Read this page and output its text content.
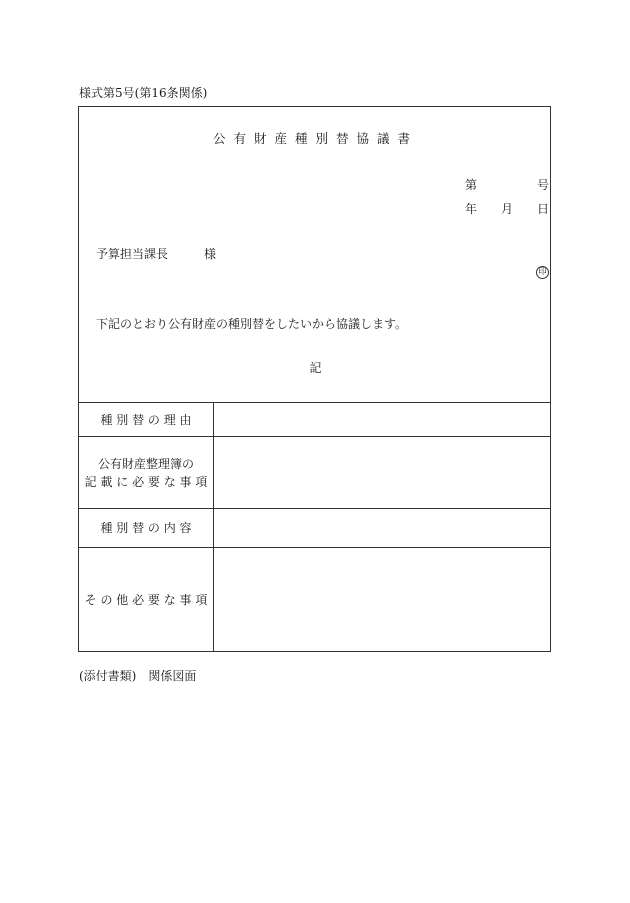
様式第5号(第16条関係)
公有財産種別替協議書
第	号
年 月 日
予算担当課長　　　様
印
下記のとおり公有財産の種別替をしたいから協議します。
記
種 別 替 の 理 由
公有財産整理簿の
記 載 に 必 要 な 事 項
種 別 替 の 内 容
そ の 他 必 要 な 事 項
(添付書類)　関係図面
